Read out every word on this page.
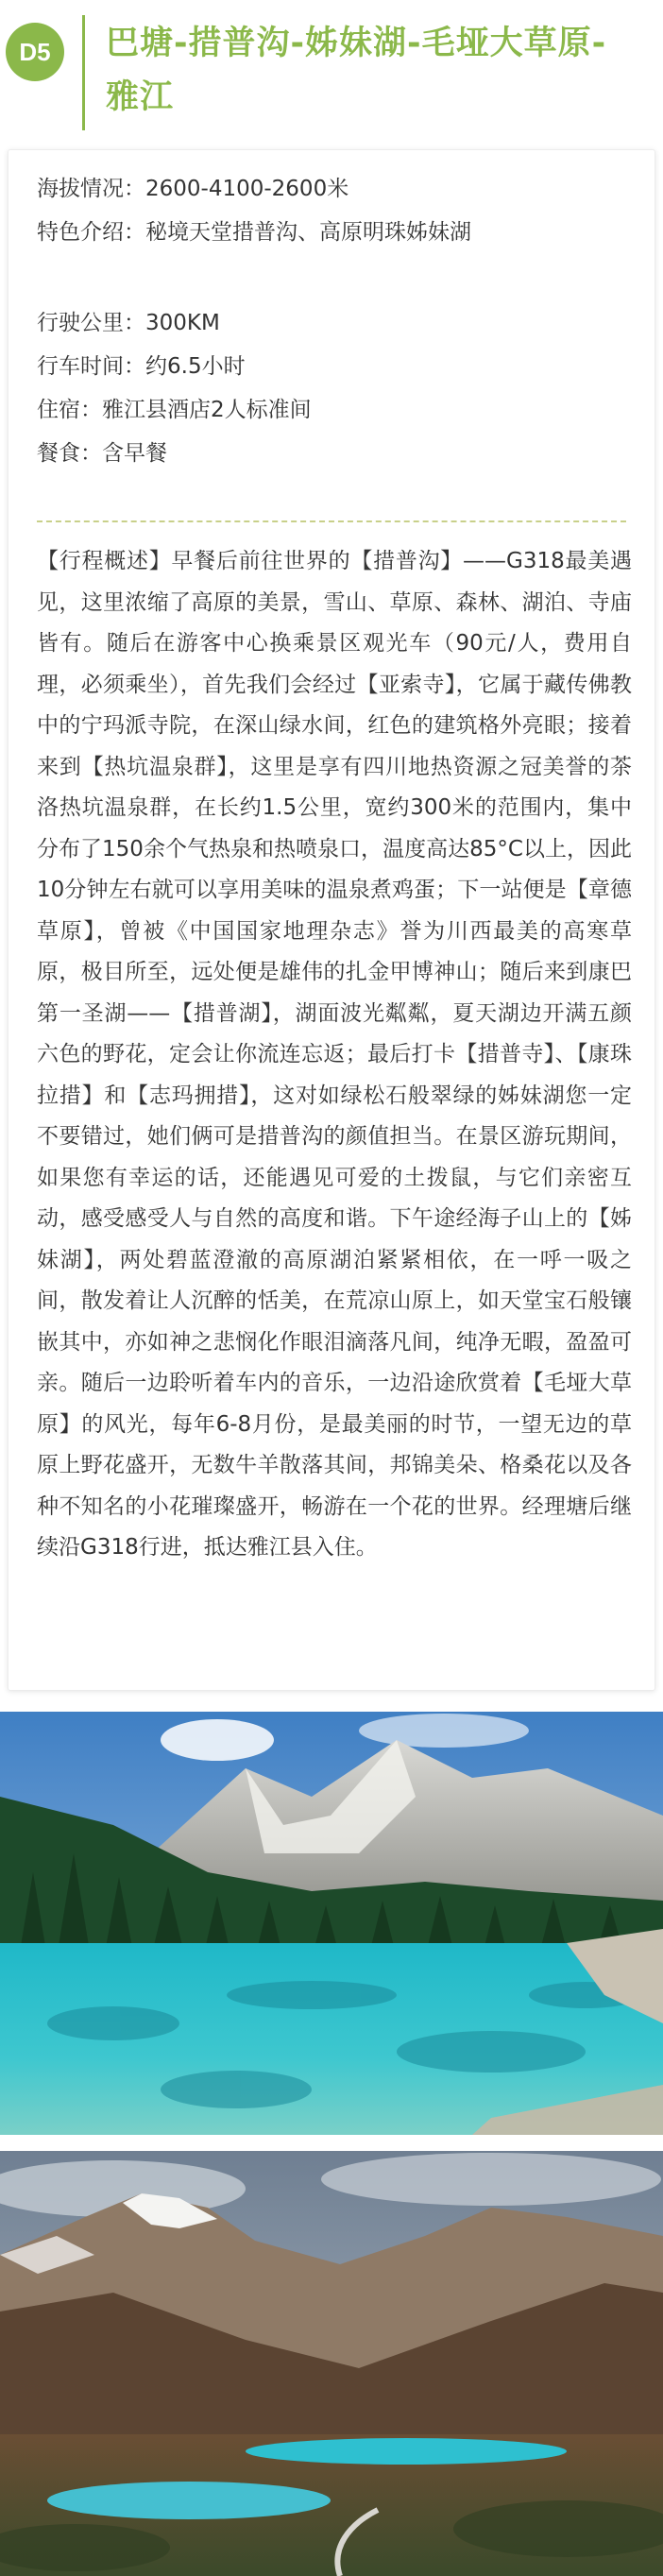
D5	巴塘-措普沟-姊妹湖-毛垭大草原-雅江
海拔情况：2600-4100-2600米
特色介绍：秘境天堂措普沟、高原明珠姊妹湖
行驶公里：300KM
行车时间：约6.5小时
住宿：雅江县酒店2人标准间
餐食：含早餐
【行程概述】早餐后前往世界的【措普沟】——G318最美遇见，这里浓缩了高原的美景，雪山、草原、森林、湖泊、寺庙皆有。随后在游客中心换乘景区观光车（90元/人，费用自理，必须乘坐），首先我们会经过【亚索寺】，它属于藏传佛教中的宁玛派寺院，在深山绿水间，红色的建筑格外亮眼；接着来到【热坑温泉群】，这里是享有四川地热资源之冠美誉的茶洛热坑温泉群，在长约1.5公里，宽约300米的范围内，集中分布了150余个气热泉和热喷泉口，温度高达85°C以上，因此10分钟左右就可以享用美味的温泉煮鸡蛋；下一站便是【章德草原】，曾被《中国国家地理杂志》誉为川西最美的高寒草原，极目所至，远处便是雄伟的扎金甲博神山；随后来到康巴第一圣湖——【措普湖】，湖面波光粼粼，夏天湖边开满五颜六色的野花，定会让你流连忘返；最后打卡【措普寺】、【康珠拉措】和【志玛拥措】，这对如绿松石般翠绿的姊妹湖您一定不要错过，她们俩可是措普沟的颜值担当。在景区游玩期间，如果您有幸运的话，还能遇见可爱的土拨鼠，与它们亲密互动，感受感受人与自然的高度和谐。下午途经海子山上的【姊妹湖】，两处碧蓝澄澈的高原湖泊紧紧相依，在一呼一吸之间，散发着让人沉醉的恬美，在荒凉山原上，如天堂宝石般镶嵌其中，亦如神之悲悯化作眼泪滴落凡间，纯净无暇，盈盈可亲。随后一边聆听着车内的音乐，一边沿途欣赏着【毛垭大草原】的风光，每年6-8月份，是最美丽的时节，一望无边的草原上野花盛开，无数牛羊散落其间，邦锦美朵、格桑花以及各种不知名的小花璀璨盛开，畅游在一个花的世界。经理塘后继续沿G318行进，抵达雅江县入住。
